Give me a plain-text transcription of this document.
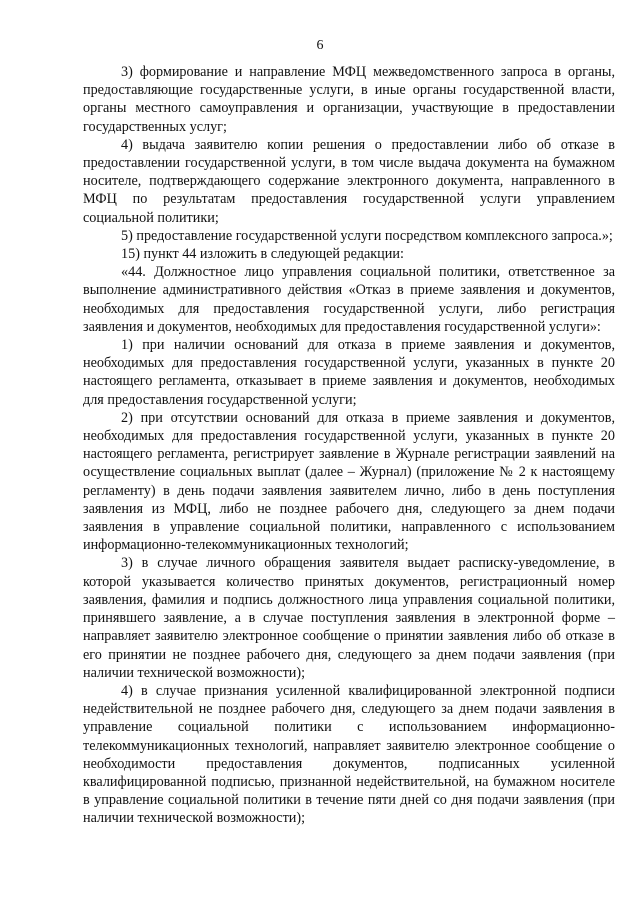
6

3) формирование и направление МФЦ межведомственного запроса в органы, предоставляющие государственные услуги, в иные органы государственной власти, органы местного самоуправления и организации, участвующие в предоставлении государственных услуг;

4) выдача заявителю копии решения о предоставлении либо об отказе в предоставлении государственной услуги, в том числе выдача документа на бумажном носителе, подтверждающего содержание электронного документа, направленного в МФЦ по результатам предоставления государственной услуги управлением социальной политики;

5) предоставление государственной услуги посредством комплексного запроса.»;

15) пункт 44 изложить в следующей редакции:

«44. Должностное лицо управления социальной политики, ответственное за выполнение административного действия «Отказ в приеме заявления и документов, необходимых для предоставления государственной услуги, либо регистрация заявления и документов, необходимых для предоставления государственной услуги»:

1) при наличии оснований для отказа в приеме заявления и документов, необходимых для предоставления государственной услуги, указанных в пункте 20 настоящего регламента, отказывает в приеме заявления и документов, необходимых для предоставления государственной услуги;

2) при отсутствии оснований для отказа в приеме заявления и документов, необходимых для предоставления государственной услуги, указанных в пункте 20 настоящего регламента, регистрирует заявление в Журнале регистрации заявлений на осуществление социальных выплат (далее – Журнал) (приложение № 2 к настоящему регламенту) в день подачи заявления заявителем лично, либо в день поступления заявления из МФЦ, либо не позднее рабочего дня, следующего за днем подачи заявления в управление социальной политики, направленного с использованием информационно-телекоммуникационных технологий;

3) в случае личного обращения заявителя выдает расписку-уведомление, в которой указывается количество принятых документов, регистрационный номер заявления, фамилия и подпись должностного лица управления социальной политики, принявшего заявление, а в случае поступления заявления в электронной форме – направляет заявителю электронное сообщение о принятии заявления либо об отказе в его принятии не позднее рабочего дня, следующего за днем подачи заявления (при наличии технической возможности);

4) в случае признания усиленной квалифицированной электронной подписи недействительной не позднее рабочего дня, следующего за днем подачи заявления в управление социальной политики с использованием информационно-телекоммуникационных технологий, направляет заявителю электронное сообщение о необходимости предоставления документов, подписанных усиленной квалифицированной подписью, признанной недействительной, на бумажном носителе в управление социальной политики в течение пяти дней со дня подачи заявления (при наличии технической возможности);
